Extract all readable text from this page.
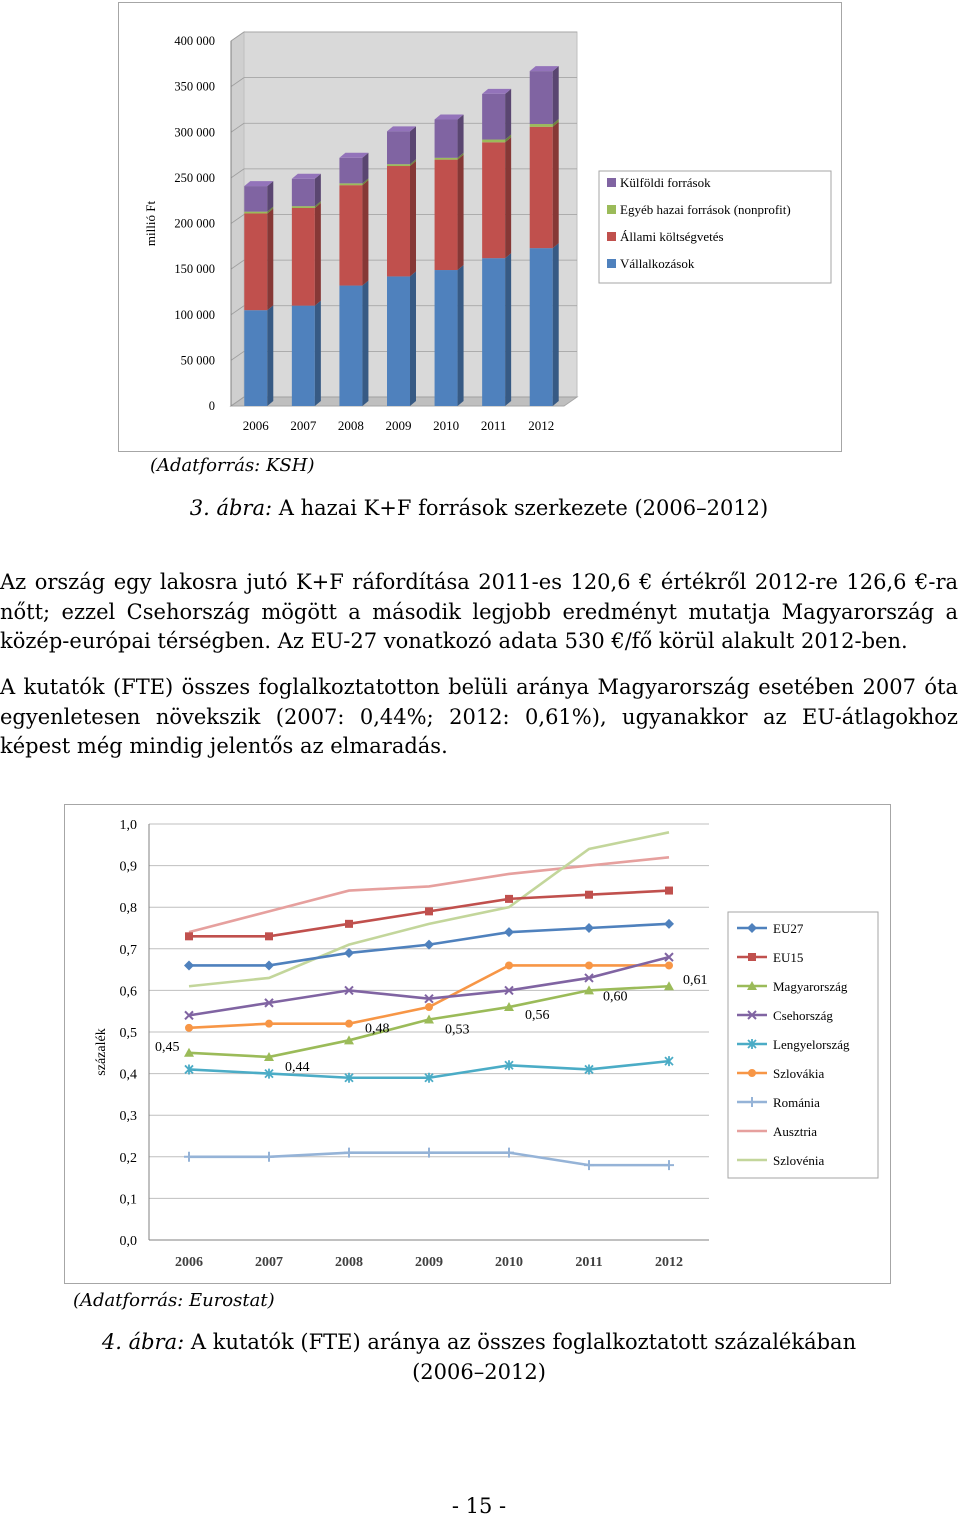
0
50 000
100 000
150 000
200 000
250 000
300 000
350 000
400 000
millió Ft
2006 2007 2008 2009 2010 2011 2012
Külföldi források
Egyéb hazai források (nonprofit)
Állami költségvetés
Vállalkozások
(Adatforrás: KSH)
3. ábra: A hazai K+F források szerkezete (2006–2012)
Az ország egy lakosra jutó K+F ráfordítása 2011-es 120,6 € értékről 2012-re 126,6 €-ra nőtt; ezzel Csehország mögött a második legjobb eredményt mutatja Magyarország a közép-európai térségben. Az EU-27 vonatkozó adata 530 €/fő körül alakult 2012-ben.
A kutatók (FTE) összes foglalkoztatotton belüli aránya Magyarország esetében 2007 óta egyenletesen növekszik (2007: 0,44%; 2012: 0,61%), ugyanakkor az EU-átlagokhoz képest még mindig jelentős az elmaradás.
0,0
0,1
0,2
0,3
0,4
0,5
0,6
0,7
0,8
0,9
1,0
százalék
2006	2007	2008	2009	2010	2011	2012
0,45
0,44
0,48	0,53
0,56
0,60
0,61
EU27
EU15
Magyarország
Csehország
Lengyelország
Szlovákia
Románia
Ausztria
Szlovénia
(Adatforrás: Eurostat)
4. ábra: A kutatók (FTE) aránya az összes foglalkoztatott százalékában
(2006–2012)
- 15 -
